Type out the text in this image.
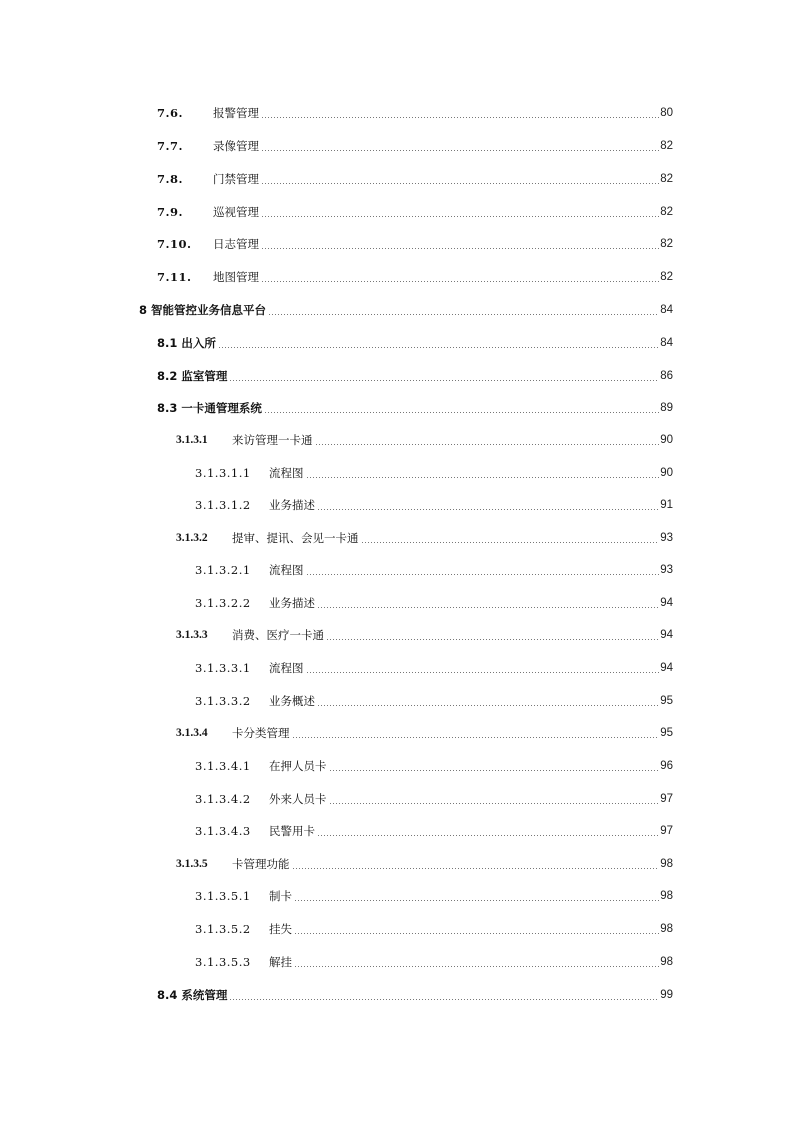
7.6.	报警管理	80
7.7.	录像管理	82
7.8.	门禁管理	82
7.9.	巡视管理	82
7.10.	日志管理	82
7.11.	地图管理	82
8 智能管控业务信息平台	84
8.1 出入所	84
8.2 监室管理	86
8.3 一卡通管理系统	89
3.1.3.1	来访管理一卡通	90
3.1.3.1.1	流程图	90
3.1.3.1.2	业务描述	91
3.1.3.2	提审、提讯、会见一卡通	93
3.1.3.2.1	流程图	93
3.1.3.2.2	业务描述	94
3.1.3.3	消费、医疗一卡通	94
3.1.3.3.1	流程图	94
3.1.3.3.2	业务概述	95
3.1.3.4	卡分类管理	95
3.1.3.4.1	在押人员卡	96
3.1.3.4.2	外来人员卡	97
3.1.3.4.3	民警用卡	97
3.1.3.5	卡管理功能	98
3.1.3.5.1	制卡	98
3.1.3.5.2	挂失	98
3.1.3.5.3	解挂	98
8.4 系统管理	99
